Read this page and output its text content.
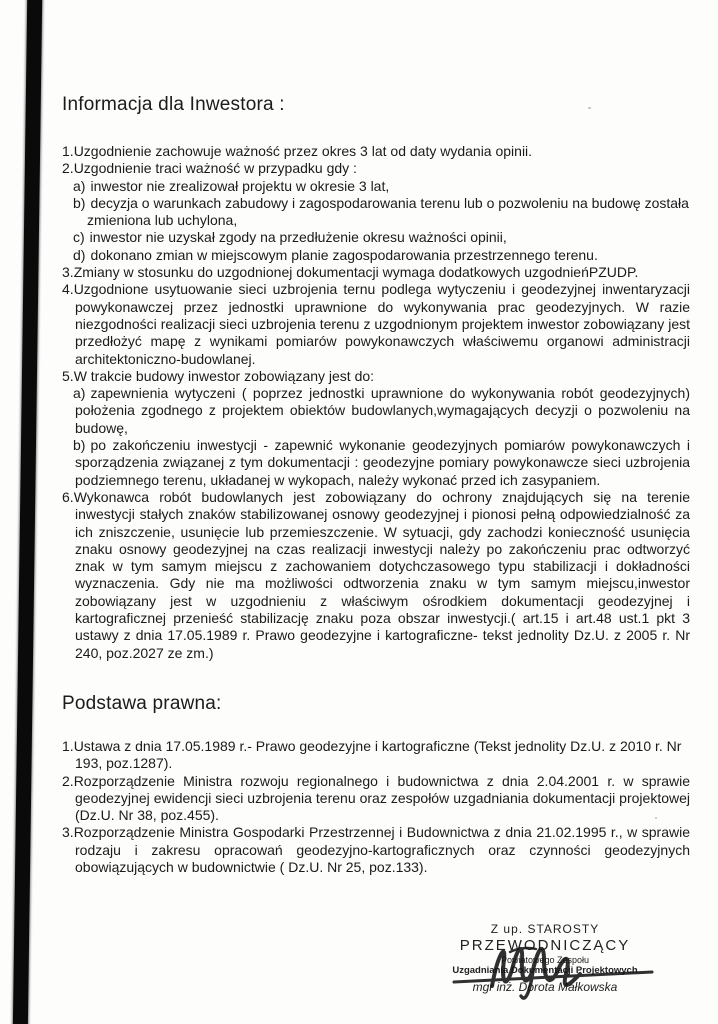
Informacja dla Inwestora :
1.Uzgodnienie zachowuje ważność przez okres 3 lat od daty wydania opinii.
2.Uzgodnienie traci ważność w przypadku gdy :
a) inwestor nie zrealizował projektu w okresie 3 lat,
b) decyzja o warunkach zabudowy i zagospodarowania terenu lub o pozwoleniu na budowę została zmieniona lub uchylona,
c) inwestor nie uzyskał zgody na przedłużenie okresu ważności opinii,
d) dokonano zmian w miejscowym planie zagospodarowania przestrzennego terenu.
3.Zmiany w stosunku do uzgodnionej dokumentacji wymaga dodatkowych uzgodnieńPZUDP.
4.Uzgodnione usytuowanie sieci uzbrojenia ternu podlega wytyczeniu i geodezyjnej inwentaryzacji powykonawczej przez jednostki uprawnione do wykonywania prac geodezyjnych. W razie niezgodności realizacji sieci uzbrojenia terenu z uzgodnionym projektem inwestor zobowiązany jest przedłożyć mapę z wynikami pomiarów powykonawczych właściwemu organowi administracji architektoniczno-budowlanej.
5.W trakcie budowy inwestor zobowiązany jest do:
a) zapewnienia wytyczeni ( poprzez jednostki uprawnione do wykonywania robót geodezyjnych) położenia zgodnego z projektem obiektów budowlanych,wymagających decyzji o pozwoleniu na budowę,
b) po zakończeniu inwestycji - zapewnić wykonanie geodezyjnych pomiarów powykonawczych i sporządzenia związanej z tym dokumentacji : geodezyjne pomiary powykonawcze sieci uzbrojenia podziemnego terenu, układanej w wykopach, należy wykonać przed ich zasypaniem.
6.Wykonawca robót budowlanych jest zobowiązany do ochrony znajdujących się na terenie inwestycji stałych znaków stabilizowanej osnowy geodezyjnej i pionosi pełną odpowiedzialność za ich zniszczenie, usunięcie lub przemieszczenie. W sytuacji, gdy zachodzi konieczność usunięcia znaku osnowy geodezyjnej na czas realizacji inwestycji należy po zakończeniu prac odtworzyć znak w tym samym miejscu z zachowaniem dotychczasowego typu stabilizacji i dokładności wyznaczenia. Gdy nie ma możliwości odtworzenia znaku w tym samym miejscu,inwestor zobowiązany jest w uzgodnieniu z właściwym ośrodkiem dokumentacji geodezyjnej i kartograficznej przenieść stabilizację znaku poza obszar inwestycji.( art.15 i art.48 ust.1 pkt 3 ustawy z dnia 17.05.1989 r. Prawo geodezyjne i kartograficzne- tekst jednolity Dz.U. z 2005 r. Nr 240, poz.2027 ze zm.)
Podstawa prawna:
1.Ustawa z dnia 17.05.1989 r.- Prawo geodezyjne i kartograficzne (Tekst jednolity Dz.U. z 2010 r. Nr 193, poz.1287).
2.Rozporządzenie Ministra rozwoju regionalnego i budownictwa z dnia 2.04.2001 r. w sprawie geodezyjnej ewidencji sieci uzbrojenia terenu oraz zespołów uzgadniania dokumentacji projektowej (Dz.U. Nr 38, poz.455).
3.Rozporządzenie Ministra Gospodarki Przestrzennej i Budownictwa z dnia 21.02.1995 r., w sprawie rodzaju i zakresu opracowań geodezyjno-kartograficznych oraz czynności geodezyjnych obowiązujących w budownictwie ( Dz.U. Nr 25, poz.133).
Z up. STAROSTY
PRZEWODNICZĄCY
Powiatowego Zespołu
Uzgadniania Dokumentacji Projektowych
mgr inż. Dorota Małkowska
